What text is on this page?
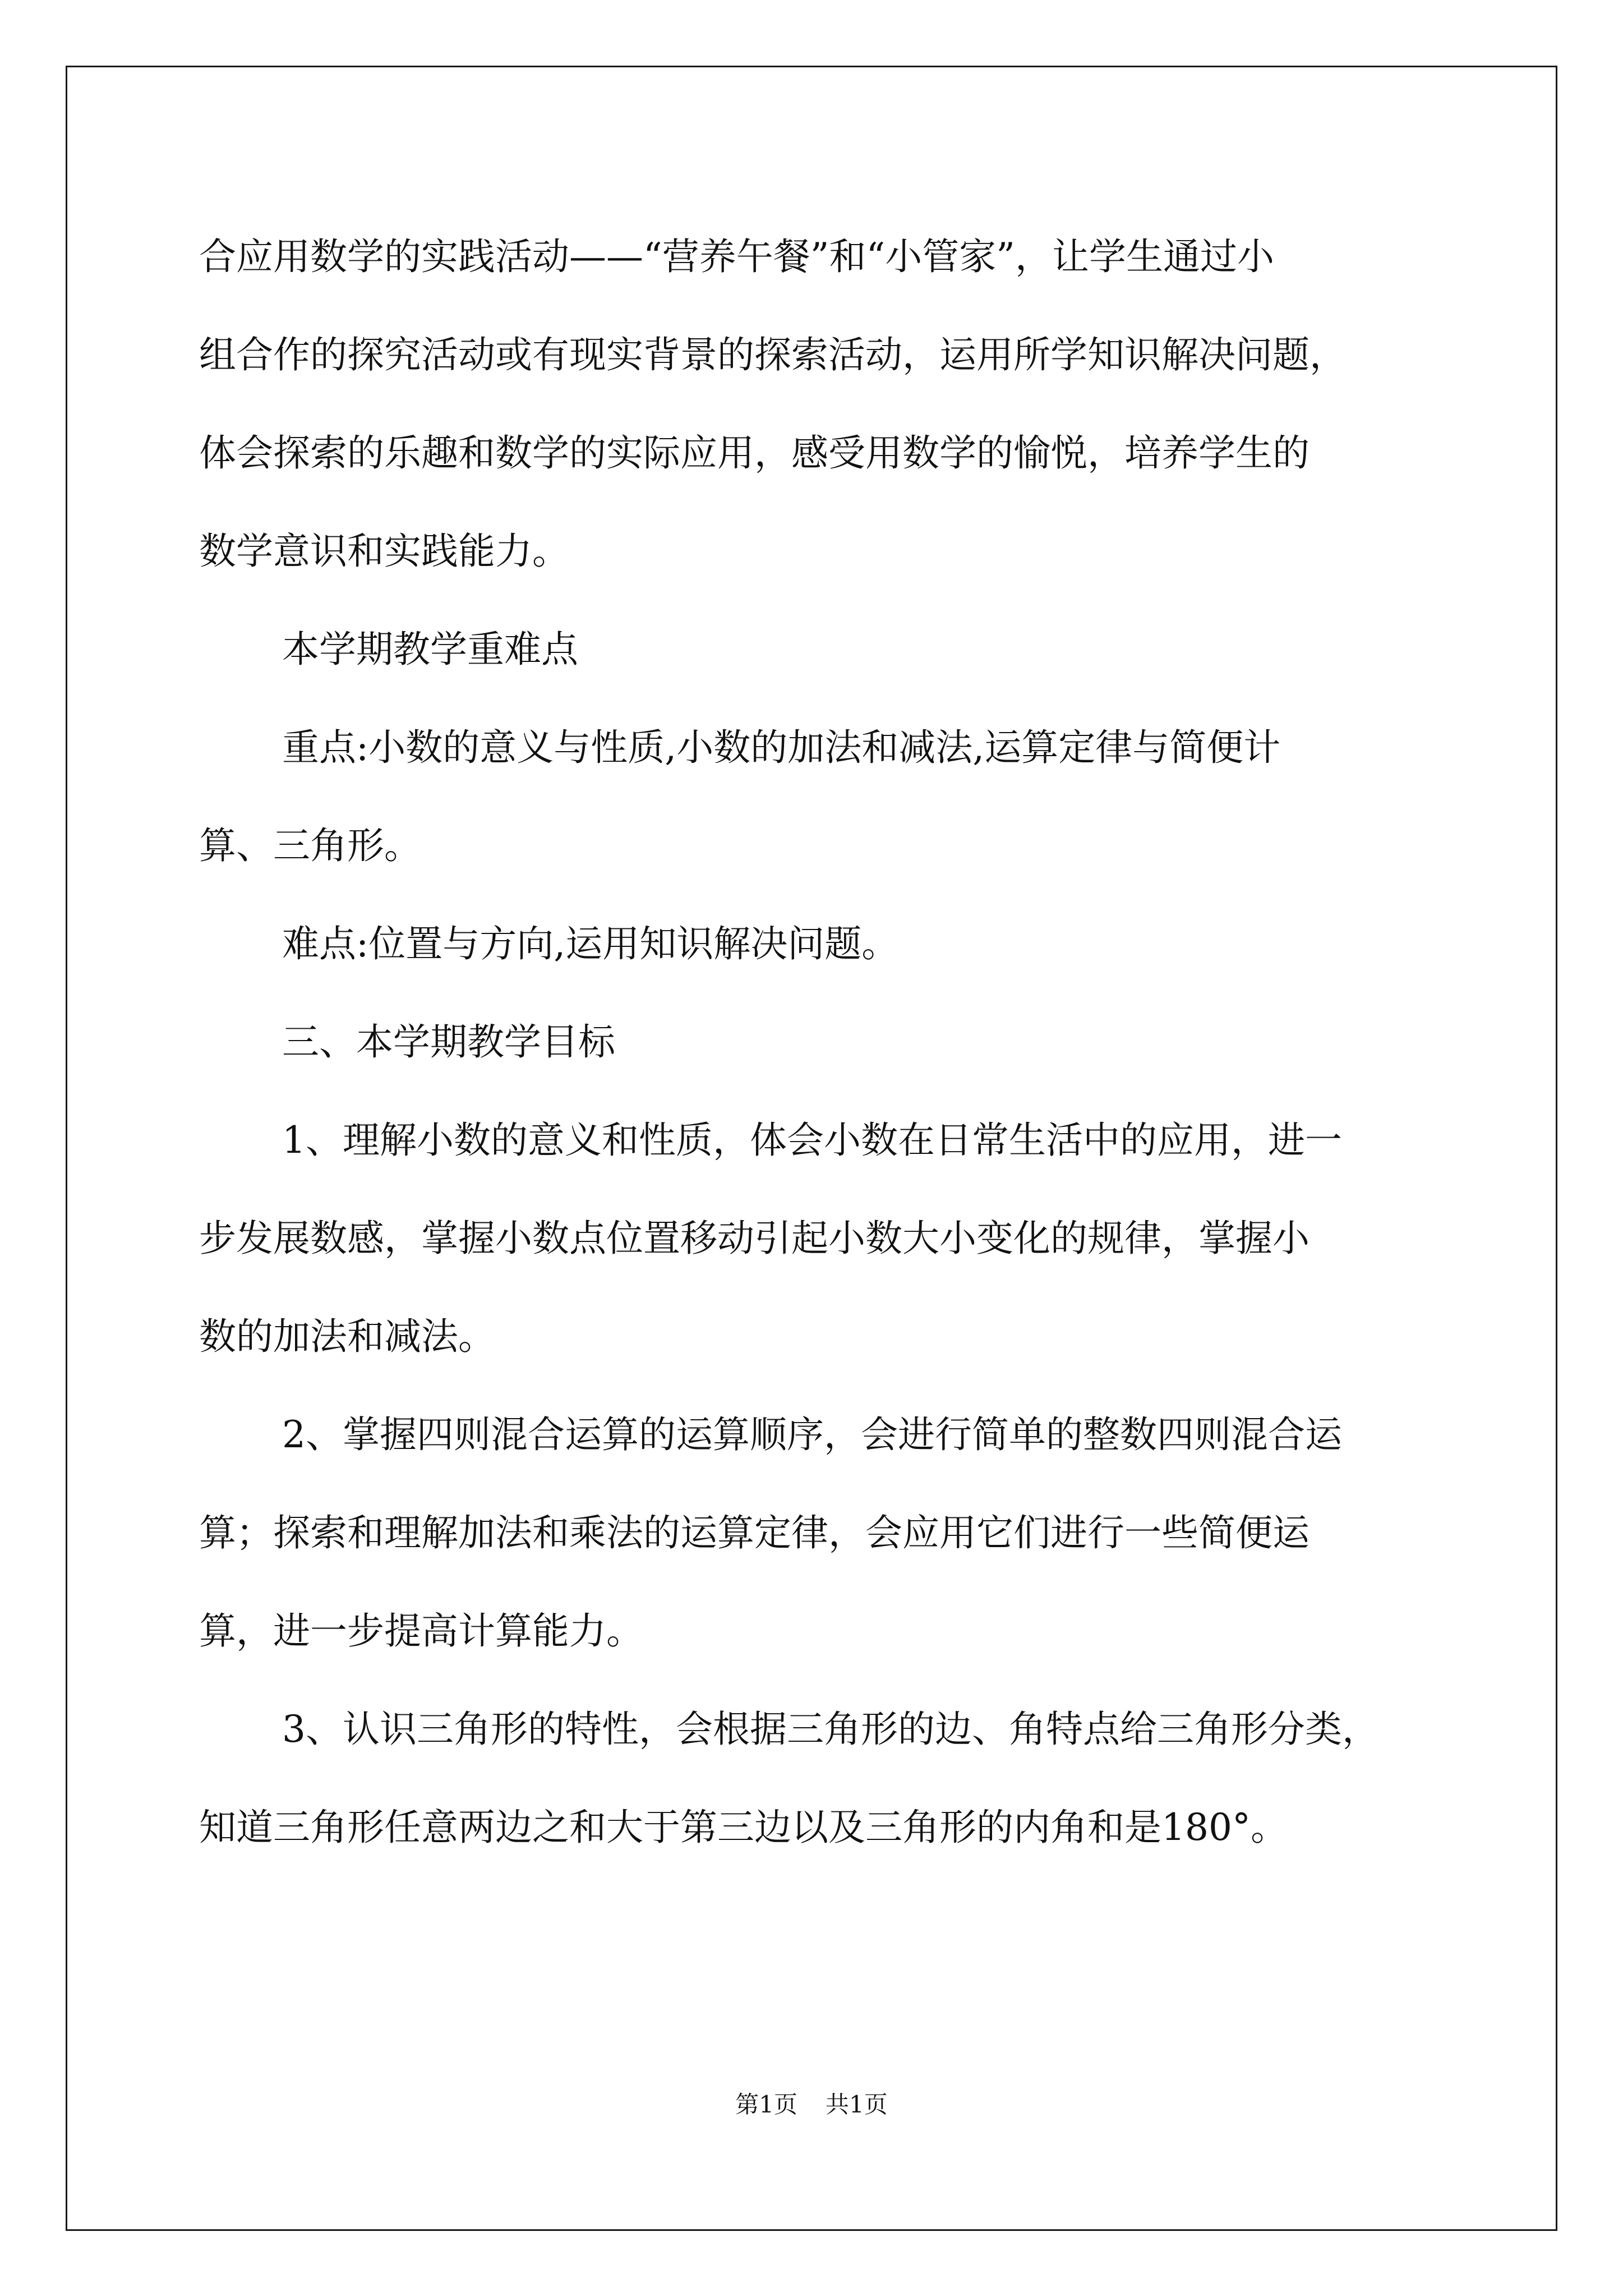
合应用数学的实践活动——“营养午餐”和“小管家”，让学生通过小

组合作的探究活动或有现实背景的探索活动，运用所学知识解决问题，

体会探索的乐趣和数学的实际应用，感受用数学的愉悦，培养学生的

数学意识和实践能力。

本学期教学重难点

重点:小数的意义与性质,小数的加法和减法,运算定律与简便计

算、三角形。

难点:位置与方向,运用知识解决问题。

三、本学期教学目标

1、理解小数的意义和性质，体会小数在日常生活中的应用，进一

步发展数感，掌握小数点位置移动引起小数大小变化的规律，掌握小

数的加法和减法。

2、掌握四则混合运算的运算顺序，会进行简单的整数四则混合运

算；探索和理解加法和乘法的运算定律，会应用它们进行一些简便运

算，进一步提高计算能力。

3、认识三角形的特性，会根据三角形的边、角特点给三角形分类，

知道三角形任意两边之和大于第三边以及三角形的内角和是180°。

第1页 共1页
